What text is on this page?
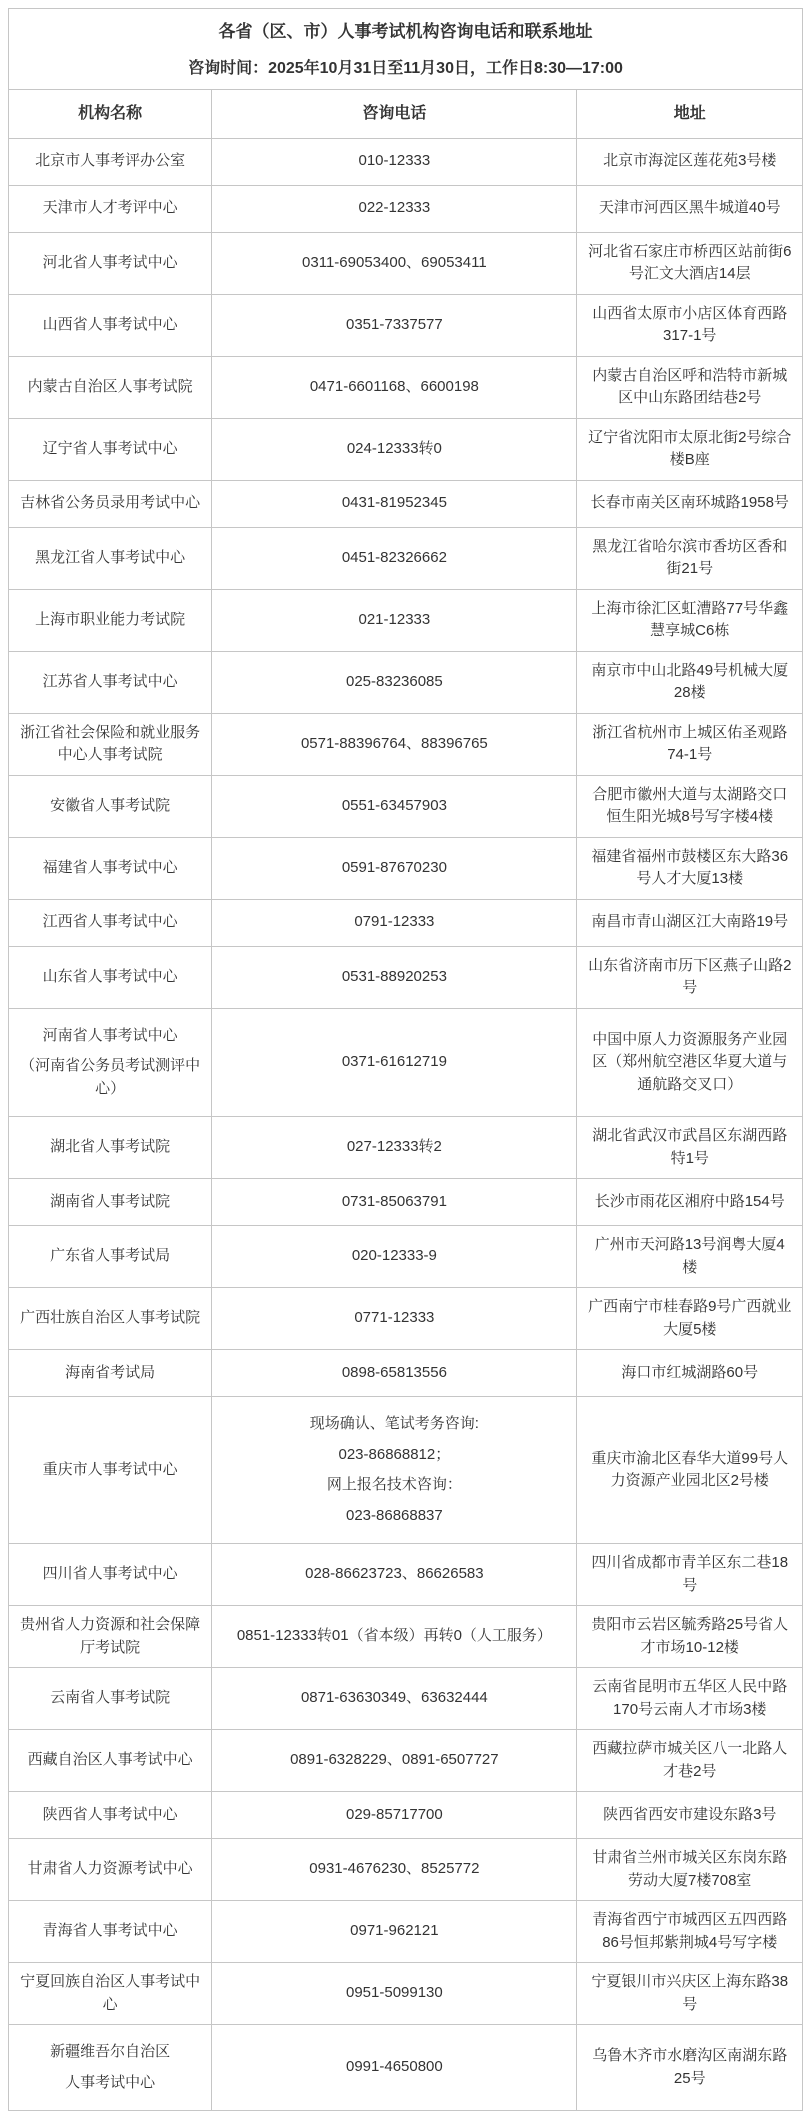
各省（区、市）人事考试机构咨询电话和联系地址
咨询时间：2025年10月31日至11月30日，工作日8:30—17:00		

机构名称	咨询电话	地址

北京市人事考评办公室	010-12333	北京市海淀区莲花苑3号楼

天津市人才考评中心	022-12333	天津市河西区黑牛城道40号

河北省人事考试中心	0311-69053400、69053411	河北省石家庄市桥西区站前街6号汇文大酒店14层

山西省人事考试中心	0351-7337577	山西省太原市小店区体育西路317-1号

内蒙古自治区人事考试院	0471-6601168、6600198	内蒙古自治区呼和浩特市新城区中山东路团结巷2号

辽宁省人事考试中心	024-12333转0	辽宁省沈阳市太原北街2号综合楼B座

吉林省公务员录用考试中心	0431-81952345	长春市南关区南环城路1958号

黑龙江省人事考试中心	0451-82326662	黑龙江省哈尔滨市香坊区香和街21号

上海市职业能力考试院	021-12333	上海市徐汇区虹漕路77号华鑫慧享城C6栋

江苏省人事考试中心	025-83236085	南京市中山北路49号机械大厦28楼

浙江省社会保险和就业服务中心人事考试院	0571-88396764、88396765	浙江省杭州市上城区佑圣观路74-1号

安徽省人事考试院	0551-63457903	合肥市徽州大道与太湖路交口恒生阳光城8号写字楼4楼

福建省人事考试中心	0591-87670230	福建省福州市鼓楼区东大路36号人才大厦13楼

江西省人事考试中心	0791-12333	南昌市青山湖区江大南路19号

山东省人事考试中心	0531-88920253	山东省济南市历下区燕子山路2号

河南省人事考试中心
（河南省公务员考试测评中心）	0371-61612719	中国中原人力资源服务产业园区（郑州航空港区华夏大道与通航路交叉口）

湖北省人事考试院	027-12333转2	湖北省武汉市武昌区东湖西路特1号

湖南省人事考试院	0731-85063791	长沙市雨花区湘府中路154号

广东省人事考试局	020-12333-9	广州市天河路13号润粤大厦4楼

广西壮族自治区人事考试院	0771-12333	广西南宁市桂春路9号广西就业大厦5楼

海南省考试局	0898-65813556	海口市红城湖路60号

重庆市人事考试中心	现场确认、笔试考务咨询:
023-86868812；
网上报名技术咨询：
023-86868837	重庆市渝北区春华大道99号人力资源产业园北区2号楼

四川省人事考试中心	028-86623723、86626583	四川省成都市青羊区东二巷18号

贵州省人力资源和社会保障厅考试院	0851-12333转01（省本级）再转0（人工服务）	贵阳市云岩区毓秀路25号省人才市场10-12楼

云南省人事考试院	0871-63630349、63632444	云南省昆明市五华区人民中路170号云南人才市场3楼

西藏自治区人事考试中心	0891-6328229、0891-6507727	西藏拉萨市城关区八一北路人才巷2号

陕西省人事考试中心	029-85717700	陕西省西安市建设东路3号

甘肃省人力资源考试中心	0931-4676230、8525772	甘肃省兰州市城关区东岗东路劳动大厦7楼708室

青海省人事考试中心	0971-962121	青海省西宁市城西区五四西路86号恒邦紫荆城4号写字楼

宁夏回族自治区人事考试中心	0951-5099130	宁夏银川市兴庆区上海东路38号

新疆维吾尔自治区
人事考试中心	0991-4650800	乌鲁木齐市水磨沟区南湖东路25号
